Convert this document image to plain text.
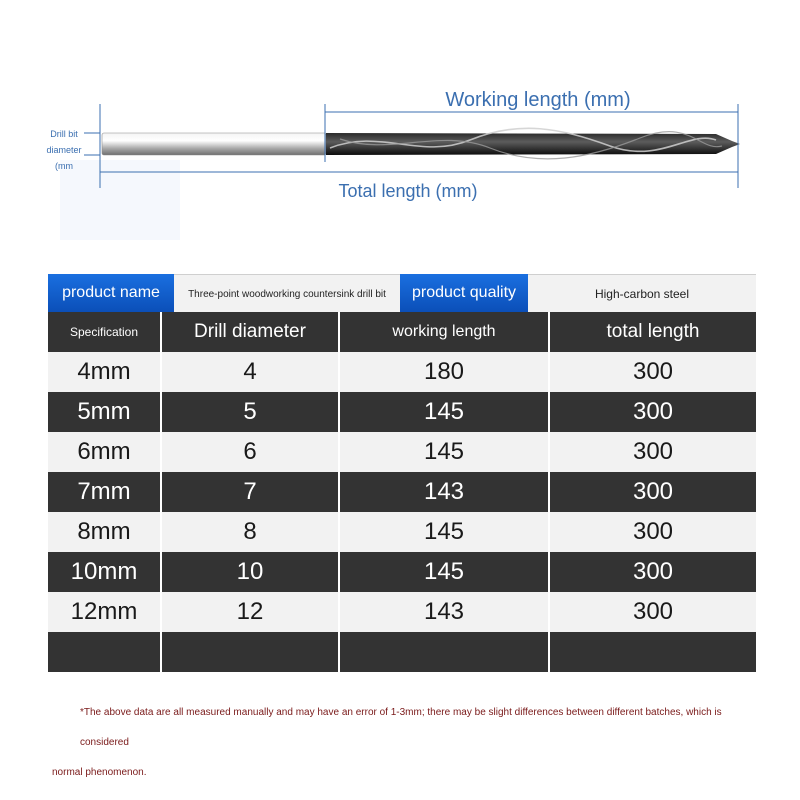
Working length (mm)
Total length (mm)
Drill bit
diameter
(mm
product name	Three-point woodworking countersink drill bit	product quality	High-carbon steel
Specification	Drill diameter	working length	total length
4mm	4	180	300
5mm	5	145	300
6mm	6	145	300
7mm	7	143	300
8mm	8	145	300
10mm	10	145	300
12mm	12	143	300
*The above data are all measured manually and may have an error of 1-3mm; there may be slight differences between different batches, which is considered
normal phenomenon.
